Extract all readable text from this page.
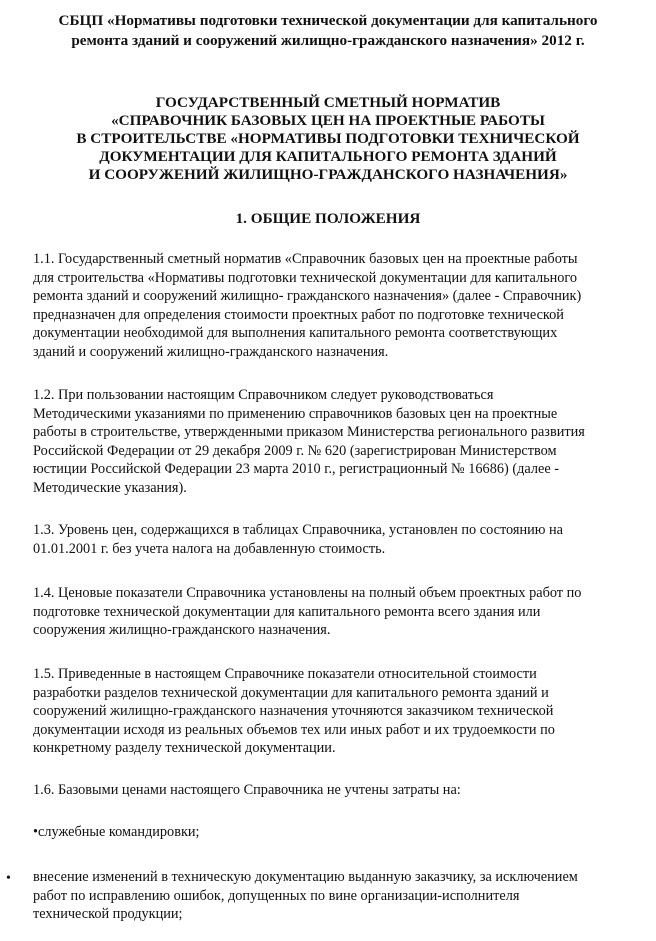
СБЦП «Нормативы подготовки технической документации для капитального
ремонта зданий и сооружений жилищно-гражданского назначения» 2012 г.
ГОСУДАРСТВЕННЫЙ СМЕТНЫЙ НОРМАТИВ
«СПРАВОЧНИК БАЗОВЫХ ЦЕН НА ПРОЕКТНЫЕ РАБОТЫ
В СТРОИТЕЛЬСТВЕ «НОРМАТИВЫ ПОДГОТОВКИ ТЕХНИЧЕСКОЙ
ДОКУМЕНТАЦИИ ДЛЯ КАПИТАЛЬНОГО РЕМОНТА ЗДАНИЙ
И СООРУЖЕНИЙ ЖИЛИЩНО-ГРАЖДАНСКОГО НАЗНАЧЕНИЯ»
1. ОБЩИЕ ПОЛОЖЕНИЯ
1.1. Государственный сметный норматив «Справочник базовых цен на проектные работы
для строительства «Нормативы подготовки технической документации для капитального
ремонта зданий и сооружений жилищно- гражданского назначения» (далее - Справочник)
предназначен для определения стоимости проектных работ по подготовке технической
документации необходимой для выполнения капитального ремонта соответствующих
зданий и сооружений жилищно-гражданского назначения.
1.2. При пользовании настоящим Справочником следует руководствоваться
Методическими указаниями по применению справочников базовых цен на проектные
работы в строительстве, утвержденными приказом Министерства регионального развития
Российской Федерации от 29 декабря 2009 г. № 620 (зарегистрирован Министерством
юстиции Российской Федерации 23 марта 2010 г., регистрационный № 16686) (далее -
Методические указания).
1.3. Уровень цен, содержащихся в таблицах Справочника, установлен по состоянию на
01.01.2001 г. без учета налога на добавленную стоимость.
1.4. Ценовые показатели Справочника установлены на полный объем проектных работ по
подготовке технической документации для капитального ремонта всего здания или
сооружения жилищно-гражданского назначения.
1.5. Приведенные в настоящем Справочнике показатели относительной стоимости
разработки разделов технической документации для капитального ремонта зданий и
сооружений жилищно-гражданского назначения уточняются заказчиком технической
документации исходя из реальных объемов тех или иных работ и их трудоемкости по
конкретному разделу технической документации.
1.6. Базовыми ценами настоящего Справочника не учтены затраты на:
•служебные командировки;
• внесение изменений в техническую документацию выданную заказчику, за исключением
работ по исправлению ошибок, допущенных по вине организации-исполнителя
технической продукции;
